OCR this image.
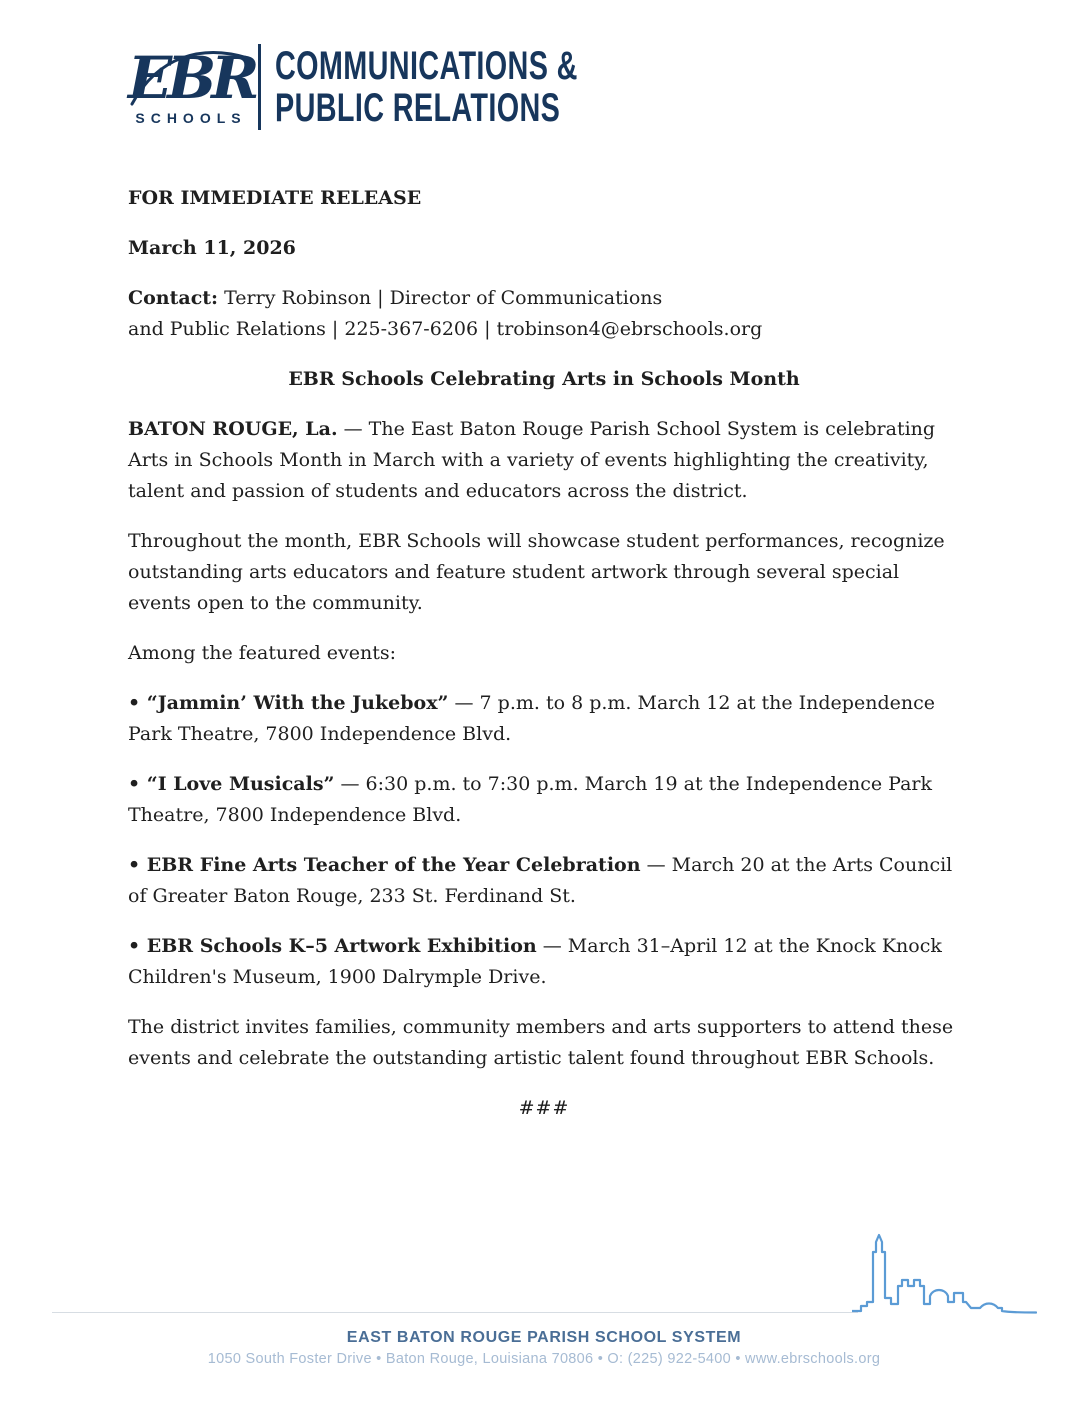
EBR
SCHOOLS
COMMUNICATIONS &
PUBLIC RELATIONS

FOR IMMEDIATE RELEASE

March 11, 2026

Contact: Terry Robinson | Director of Communications
and Public Relations | 225-367-6206 | trobinson4@ebrschools.org

EBR Schools Celebrating Arts in Schools Month

BATON ROUGE, La. — The East Baton Rouge Parish School System is celebrating Arts in Schools Month in March with a variety of events highlighting the creativity, talent and passion of students and educators across the district.

Throughout the month, EBR Schools will showcase student performances, recognize outstanding arts educators and feature student artwork through several special events open to the community.

Among the featured events:

• “Jammin’ With the Jukebox” — 7 p.m. to 8 p.m. March 12 at the Independence Park Theatre, 7800 Independence Blvd.

• “I Love Musicals” — 6:30 p.m. to 7:30 p.m. March 19 at the Independence Park Theatre, 7800 Independence Blvd.

• EBR Fine Arts Teacher of the Year Celebration — March 20 at the Arts Council of Greater Baton Rouge, 233 St. Ferdinand St.

• EBR Schools K–5 Artwork Exhibition — March 31–April 12 at the Knock Knock Children's Museum, 1900 Dalrymple Drive.

The district invites families, community members and arts supporters to attend these events and celebrate the outstanding artistic talent found throughout EBR Schools.

###

EAST BATON ROUGE PARISH SCHOOL SYSTEM
1050 South Foster Drive • Baton Rouge, Louisiana 70806 • O: (225) 922-5400 • www.ebrschools.org
